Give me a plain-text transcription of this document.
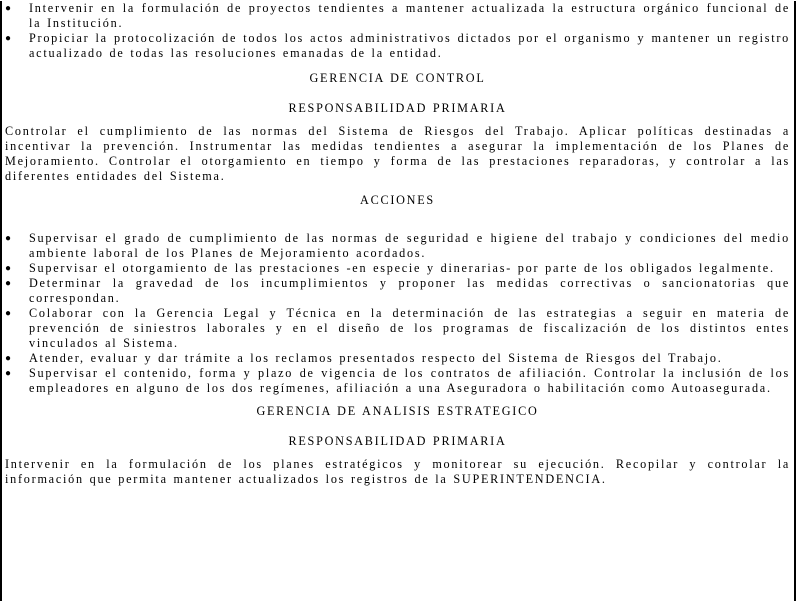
● Intervenir en la formulación de proyectos tendientes a mantener actualizada la estructura orgánico funcional de la Institución.
● Propiciar la protocolización de todos los actos administrativos dictados por el organismo y mantener un registro actualizado de todas las resoluciones emanadas de la entidad.
GERENCIA DE CONTROL
RESPONSABILIDAD PRIMARIA

Controlar el cumplimiento de las normas del Sistema de Riesgos del Trabajo. Aplicar políticas destinadas a incentivar la prevención. Instrumentar las medidas tendientes a asegurar la implementación de los Planes de Mejoramiento. Controlar el otorgamiento en tiempo y forma de las prestaciones reparadoras, y controlar a las diferentes entidades del Sistema.

ACCIONES
● Supervisar el grado de cumplimiento de las normas de seguridad e higiene del trabajo y condiciones del medio ambiente laboral de los Planes de Mejoramiento acordados.
● Supervisar el otorgamiento de las prestaciones -en especie y dinerarias- por parte de los obligados legalmente.
● Determinar la gravedad de los incumplimientos y proponer las medidas correctivas o sancionatorias que correspondan.
● Colaborar con la Gerencia Legal y Técnica en la determinación de las estrategias a seguir en materia de prevención de siniestros laborales y en el diseño de los programas de fiscalización de los distintos entes vinculados al Sistema.
● Atender, evaluar y dar trámite a los reclamos presentados respecto del Sistema de Riesgos del Trabajo.
● Supervisar el contenido, forma y plazo de vigencia de los contratos de afiliación. Controlar la inclusión de los empleadores en alguno de los dos regímenes, afiliación a una Aseguradora o habilitación como Autoasegurada.
GERENCIA DE ANALISIS ESTRATEGICO
RESPONSABILIDAD PRIMARIA

Intervenir en la formulación de los planes estratégicos y monitorear su ejecución. Recopilar y controlar la información que permita mantener actualizados los registros de la SUPERINTENDENCIA.
